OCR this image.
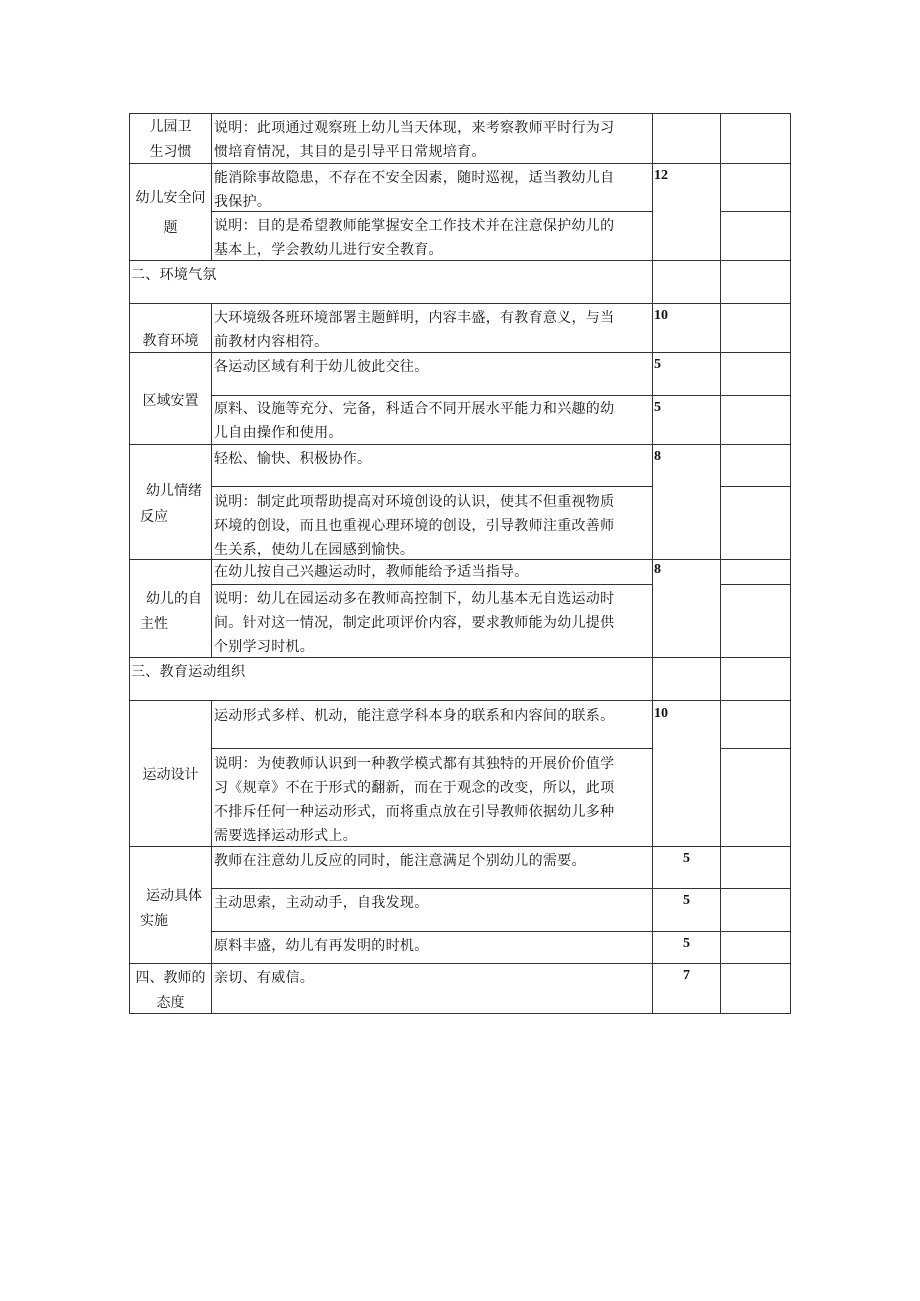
儿园卫
生习惯
说明：此项通过观察班上幼儿当天体现，来考察教师平时行为习
惯培育情况，其目的是引导平日常规培育。
幼儿安全问
题
能消除事故隐患，不存在不安全因素，随时巡视，适当教幼儿自
我保护。
说明：目的是希望教师能掌握安全工作技术并在注意保护幼儿的
基本上，学会教幼儿进行安全教育。
12
二、环境气氛
教育环境
大环境级各班环境部署主题鲜明，内容丰盛，有教育意义，与当
前教材内容相符。
10
区域安置
各运动区域有利于幼儿彼此交往。
原料、设施等充分、完备，科适合不同开展水平能力和兴趣的幼
儿自由操作和使用。
5
5
幼儿情绪
反应
轻松、愉快、积极协作。
说明：制定此项帮助提高对环境创设的认识，使其不但重视物质
环境的创设，而且也重视心理环境的创设，引导教师注重改善师
生关系，使幼儿在园感到愉快。
8
幼儿的自
主性
在幼儿按自己兴趣运动时，教师能给予适当指导。
说明：幼儿在园运动多在教师高控制下，幼儿基本无自选运动时
间。针对这一情况，制定此项评价内容，要求教师能为幼儿提供
个别学习时机。
8
三、教育运动组织
运动设计
运动形式多样、机动，能注意学科本身的联系和内容间的联系。
说明：为使教师认识到一种教学模式都有其独特的开展价价值学
习《规章》不在于形式的翻新，而在于观念的改变，所以，此项
不排斥任何一种运动形式，而将重点放在引导教师依据幼儿多种
需要选择运动形式上。
10
运动具体
实施
教师在注意幼儿反应的同时，能注意满足个别幼儿的需要。
主动思索，主动动手，自我发现。
原料丰盛，幼儿有再发明的时机。
5
5
5
四、教师的
态度
亲切、有威信。	7
